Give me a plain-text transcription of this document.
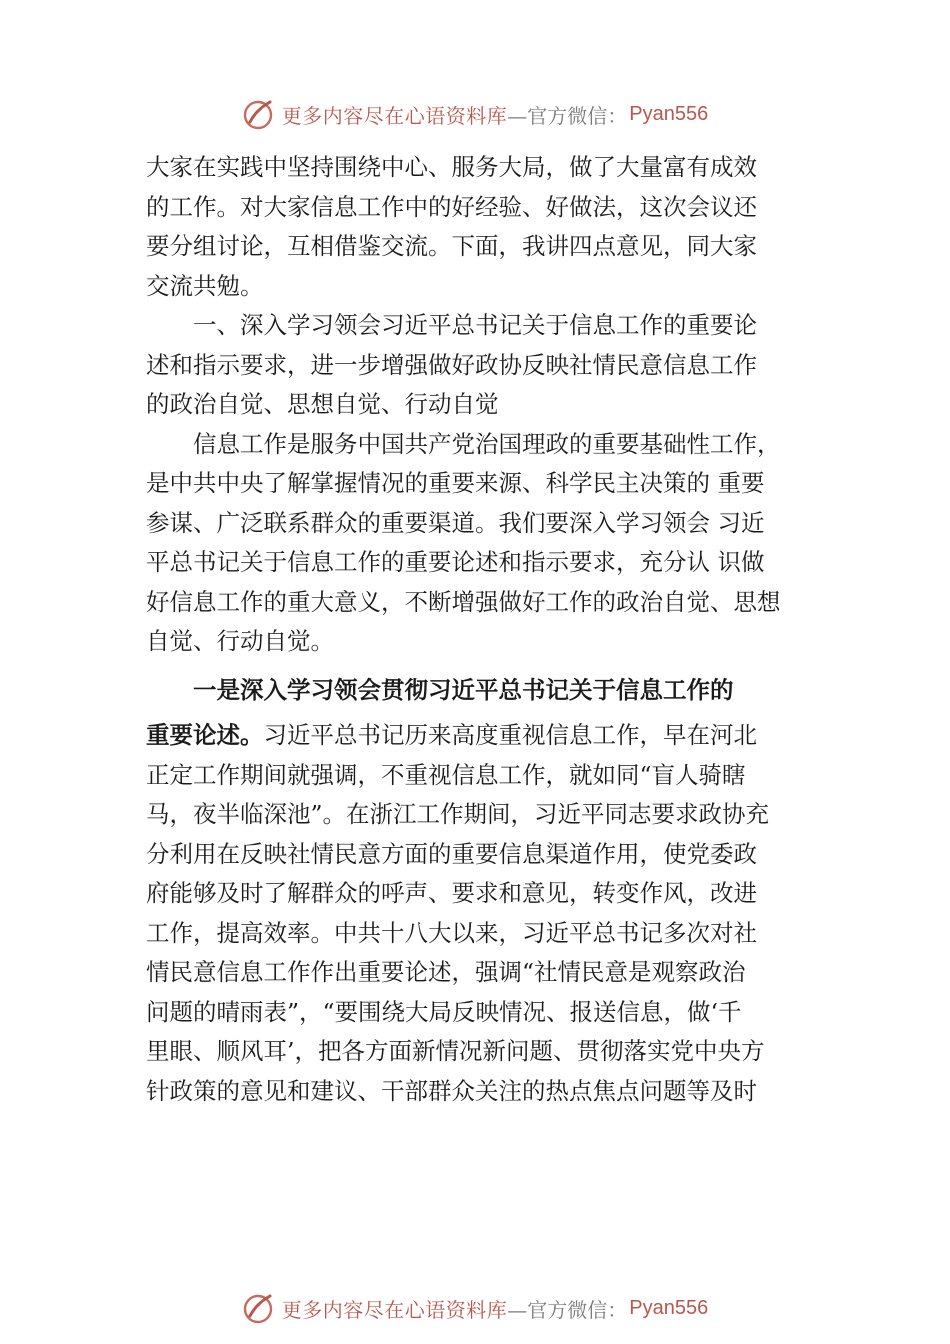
更多内容尽在心语资料库 —官方微信： Pyan556

大家在实践中坚持围绕中心、服务大局，做了大量富有成效
的工作。对大家信息工作中的好经验、好做法，这次会议还
要分组讨论，互相借鉴交流。下面，我讲四点意见，同大家
交流共勉。

一、深入学习领会习近平总书记关于信息工作的重要论
述和指示要求，进一步增强做好政协反映社情民意信息工作
的政治自觉、思想自觉、行动自觉

信息工作是服务中国共产党治国理政的重要基础性工作，
是中共中央了解掌握情况的重要来源、科学民主决策的 重要
参谋、广泛联系群众的重要渠道。我们要深入学习领会 习近
平总书记关于信息工作的重要论述和指示要求，充分认 识做
好信息工作的重大意义，不断增强做好工作的政治自觉、思想
自觉、行动自觉。

一是深入学习领会贯彻习近平总书记关于信息工作的
重要论述。习近平总书记历来高度重视信息工作，早在河北
正定工作期间就强调，不重视信息工作，就如同“盲人骑瞎
马，夜半临深池”。在浙江工作期间，习近平同志要求政协充
分利用在反映社情民意方面的重要信息渠道作用，使党委政
府能够及时了解群众的呼声、要求和意见，转变作风，改进
工作，提高效率。中共十八大以来，习近平总书记多次对社
情民意信息工作作出重要论述，强调“社情民意是观察政治
问题的晴雨表”，“要围绕大局反映情况、报送信息，做‘千
里眼、顺风耳’，把各方面新情况新问题、贯彻落实党中央方
针政策的意见和建议、干部群众关注的热点焦点问题等及时

更多内容尽在心语资料库 —官方微信： Pyan556
